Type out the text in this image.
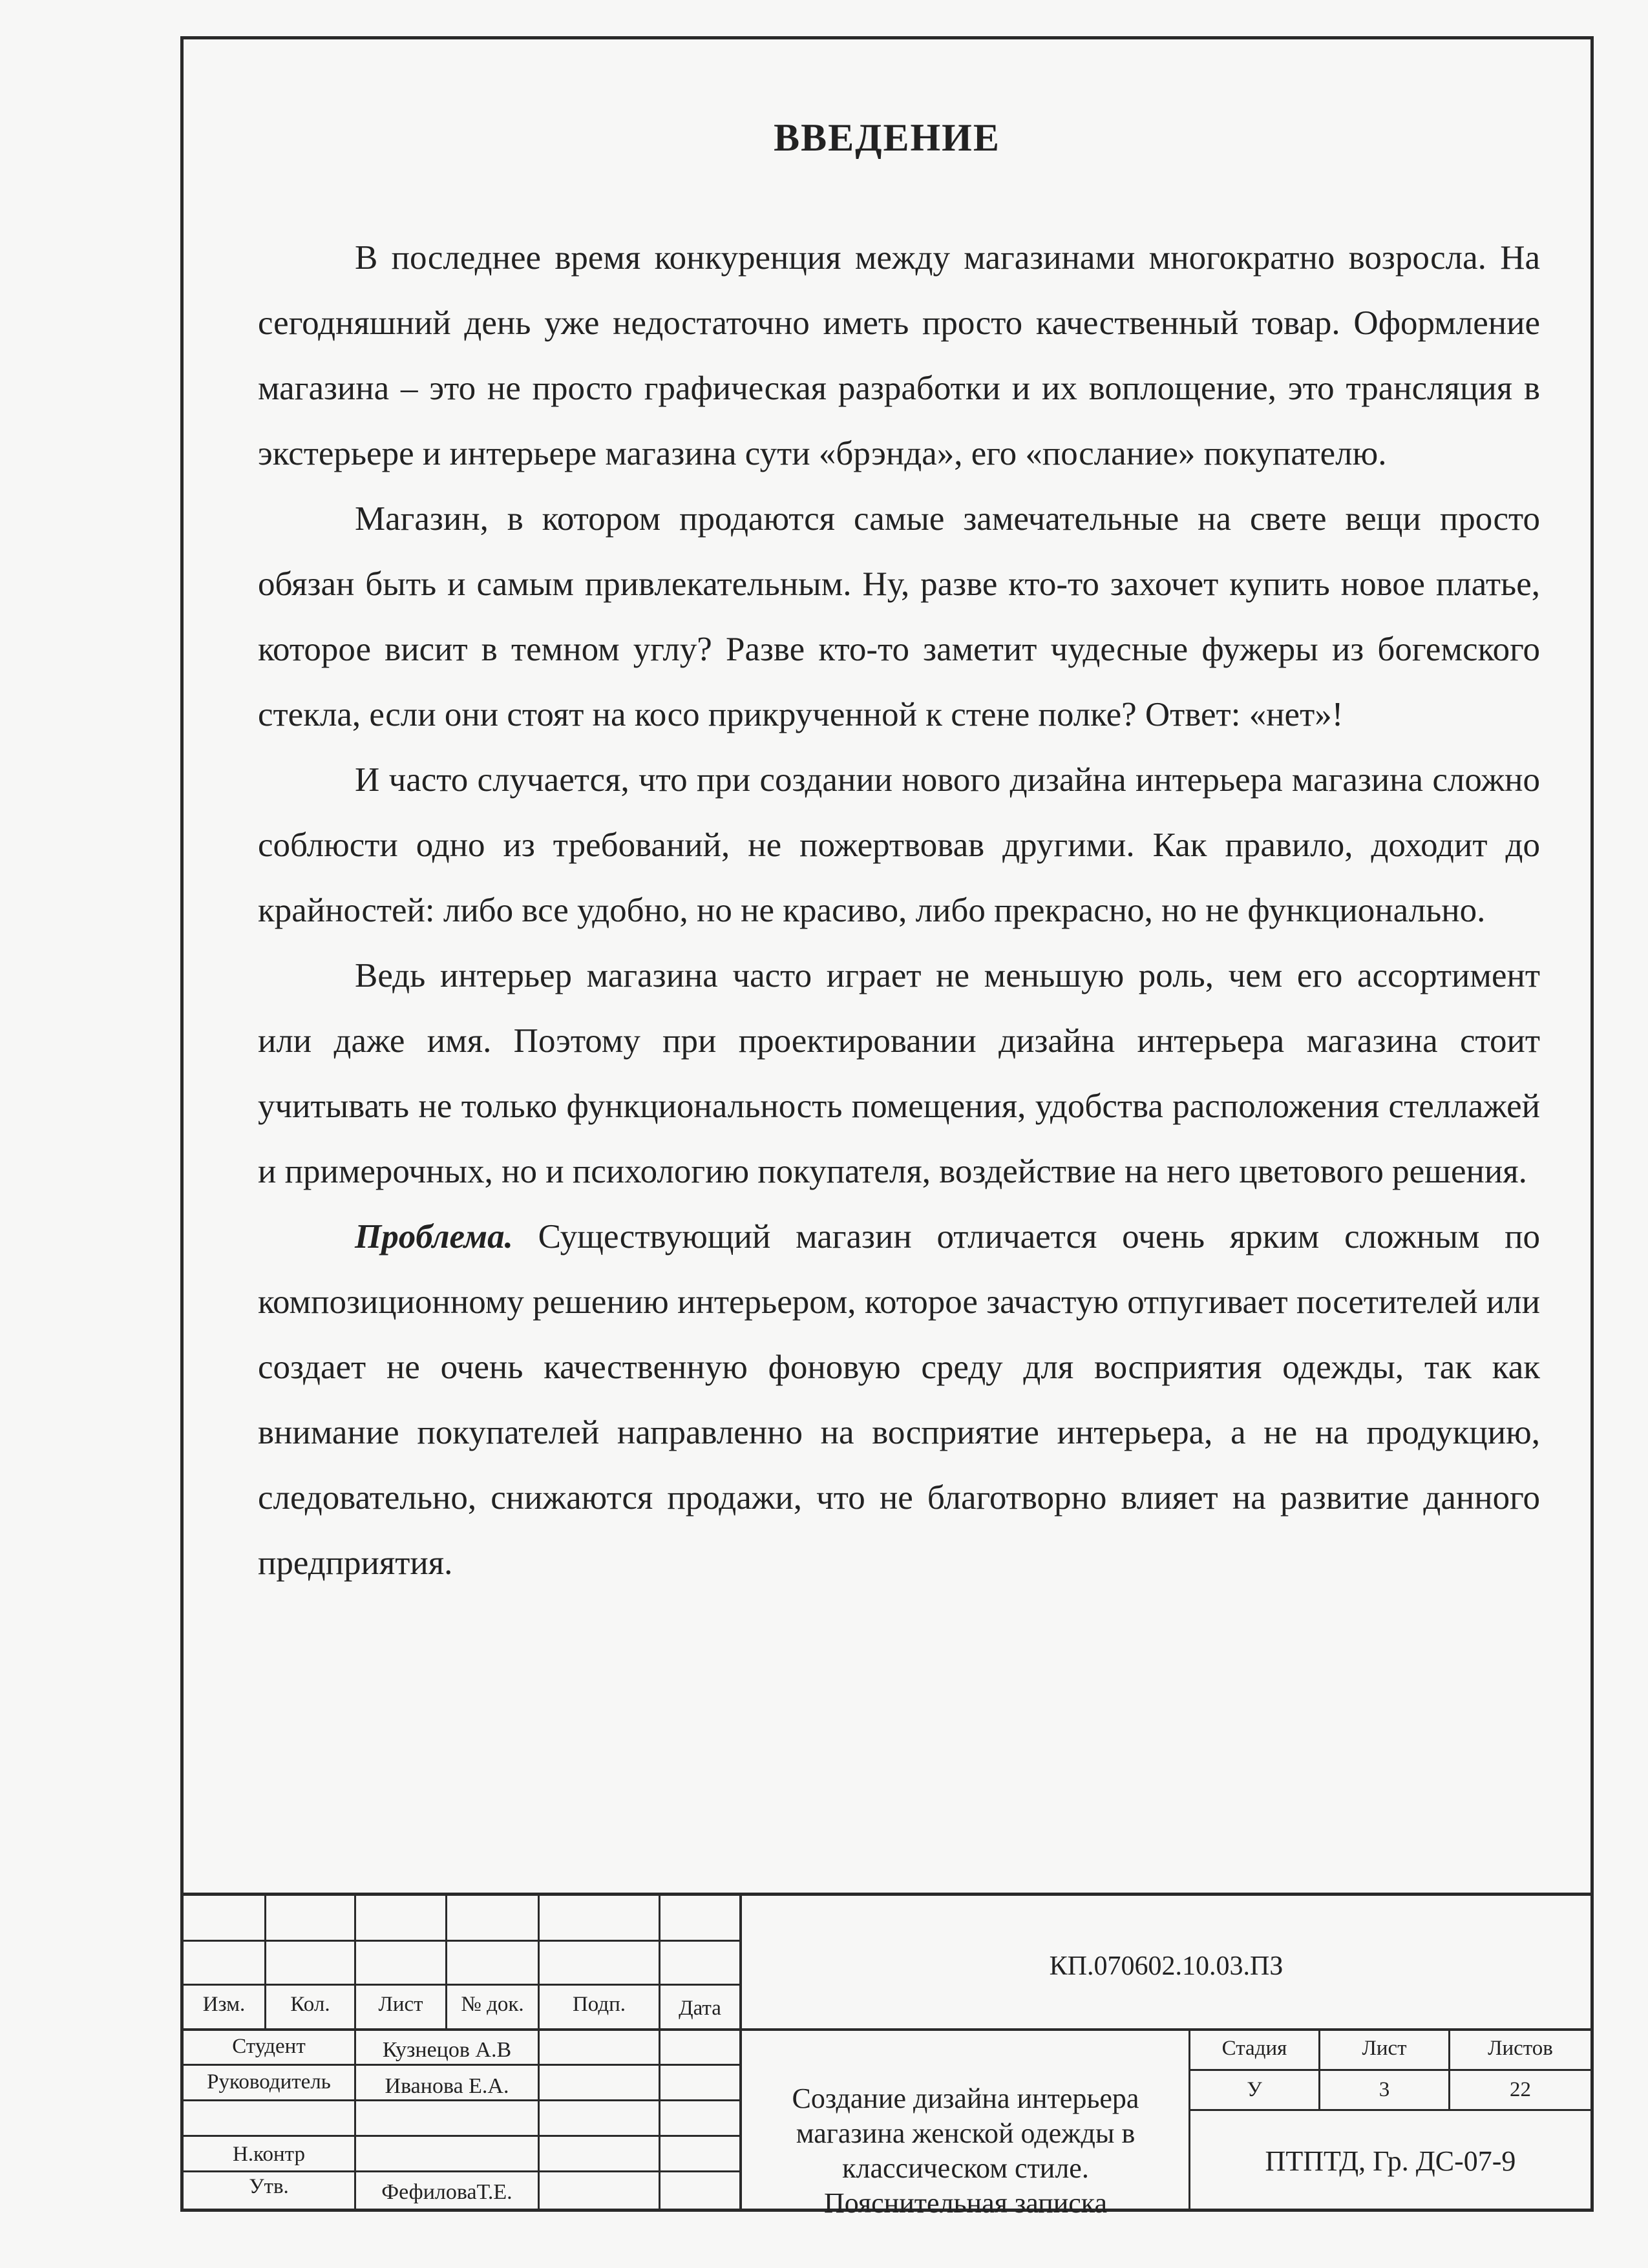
ВВЕДЕНИЕ

В последнее время конкуренция между магазинами многократно возросла. На сегодняшний день уже недостаточно иметь просто качественный товар. Оформление магазина – это не просто графическая разработки и их воплощение, это трансляция в экстерьере и интерьере магазина сути «брэнда», его «послание» покупателю.

Магазин, в котором продаются самые замечательные на свете вещи просто обязан быть и самым привлекательным. Ну, разве кто-то захочет купить новое платье, которое висит в темном углу? Разве кто-то заметит чудесные фужеры из богемского стекла, если они стоят на косо прикрученной к стене полке? Ответ: «нет»!

И часто случается, что при создании нового дизайна интерьера магазина сложно соблюсти одно из требований, не пожертвовав другими. Как правило, доходит до крайностей: либо все удобно, но не красиво, либо прекрасно, но не функционально.

Ведь интерьер магазина часто играет не меньшую роль, чем его ассортимент или даже имя. Поэтому при проектировании дизайна интерьера магазина стоит учитывать не только функциональность помещения, удобства расположения стеллажей и примерочных, но и психологию покупателя, воздействие на него цветового решения.

Проблема. Существующий магазин отличается очень ярким сложным по композиционному решению интерьером, которое зачастую отпугивает посетителей или создает не очень качественную фоновую среду для восприятия одежды, так как внимание покупателей направленно на восприятие интерьера, а не на продукцию, следовательно, снижаются продажи, что не благотворно влияет на развитие данного предприятия.

Изм.	Кол.	Лист	№ док.	Подп.	Дата
Студент	Кузнецов А.В
Руководитель	Иванова Е.А.
Н.контр
Утв.	ФефиловаТ.Е.
КП.070602.10.03.ПЗ
Создание дизайна интерьера магазина женской одежды в классическом стиле. Пояснительная записка
Стадия	Лист	Листов
У	3	22
ПТПТД, Гр. ДС-07-9
